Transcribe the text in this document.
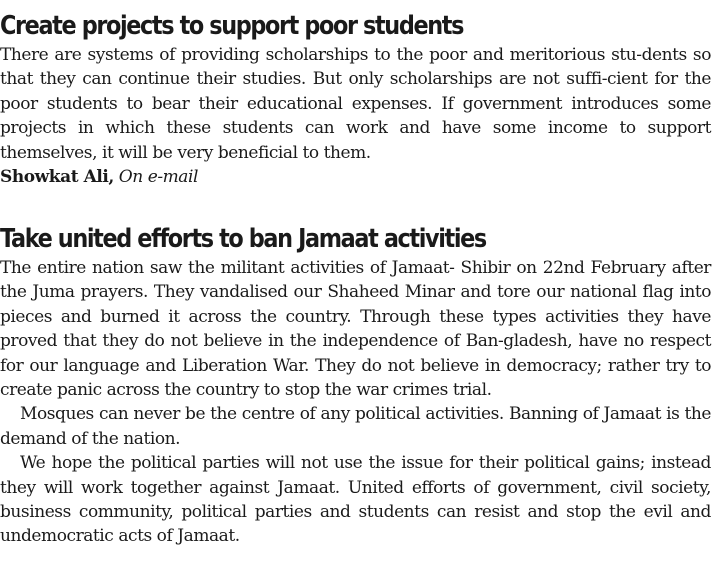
Create projects to support poor students

There are systems of providing scholarships to the poor and meritorious stu-dents so that they can continue their studies. But only scholarships are not suffi-cient for the poor students to bear their educational expenses. If government introduces some projects in which these students can work and have some income to support themselves, it will be very beneficial to them.

Showkat Ali, On e-mail

Take united efforts to ban Jamaat activities

The entire nation saw the militant activities of Jamaat- Shibir on 22nd February after the Juma prayers. They vandalised our Shaheed Minar and tore our national flag into pieces and burned it across the country. Through these types activities they have proved that they do not believe in the independence of Ban-gladesh, have no respect for our language and Liberation War. They do not believe in democracy; rather try to create panic across the country to stop the war crimes trial.

Mosques can never be the centre of any political activities. Banning of Jamaat is the demand of the nation.

We hope the political parties will not use the issue for their political gains; instead they will work together against Jamaat. United efforts of government, civil society, business community, political parties and students can resist and stop the evil and undemocratic acts of Jamaat.
